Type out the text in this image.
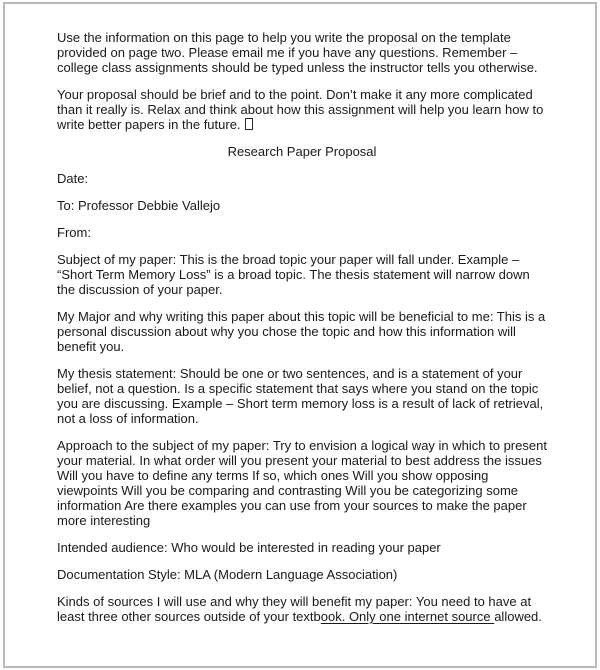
Use the information on this page to help you write the proposal on the template provided on page two. Please email me if you have any questions. Remember – college class assignments should be typed unless the instructor tells you otherwise.

Your proposal should be brief and to the point. Don’t make it any more complicated than it really is. Relax and think about how this assignment will help you learn how to write better papers in the future.

Research Paper Proposal

Date:

To: Professor Debbie Vallejo

From:

Subject of my paper: This is the broad topic your paper will fall under. Example – “Short Term Memory Loss” is a broad topic. The thesis statement will narrow down the discussion of your paper.

My Major and why writing this paper about this topic will be beneficial to me: This is a personal discussion about why you chose the topic and how this information will benefit you.

My thesis statement: Should be one or two sentences, and is a statement of your belief, not a question. Is a specific statement that says where you stand on the topic you are discussing. Example – Short term memory loss is a result of lack of retrieval, not a loss of information.

Approach to the subject of my paper: Try to envision a logical way in which to present your material. In what order will you present your material to best address the issues Will you have to define any terms If so, which ones Will you show opposing viewpoints Will you be comparing and contrasting Will you be categorizing some information Are there examples you can use from your sources to make the paper more interesting

Intended audience: Who would be interested in reading your paper

Documentation Style: MLA (Modern Language Association)

Kinds of sources I will use and why they will benefit my paper: You need to have at least three other sources outside of your textbook. Only one internet source allowed.
